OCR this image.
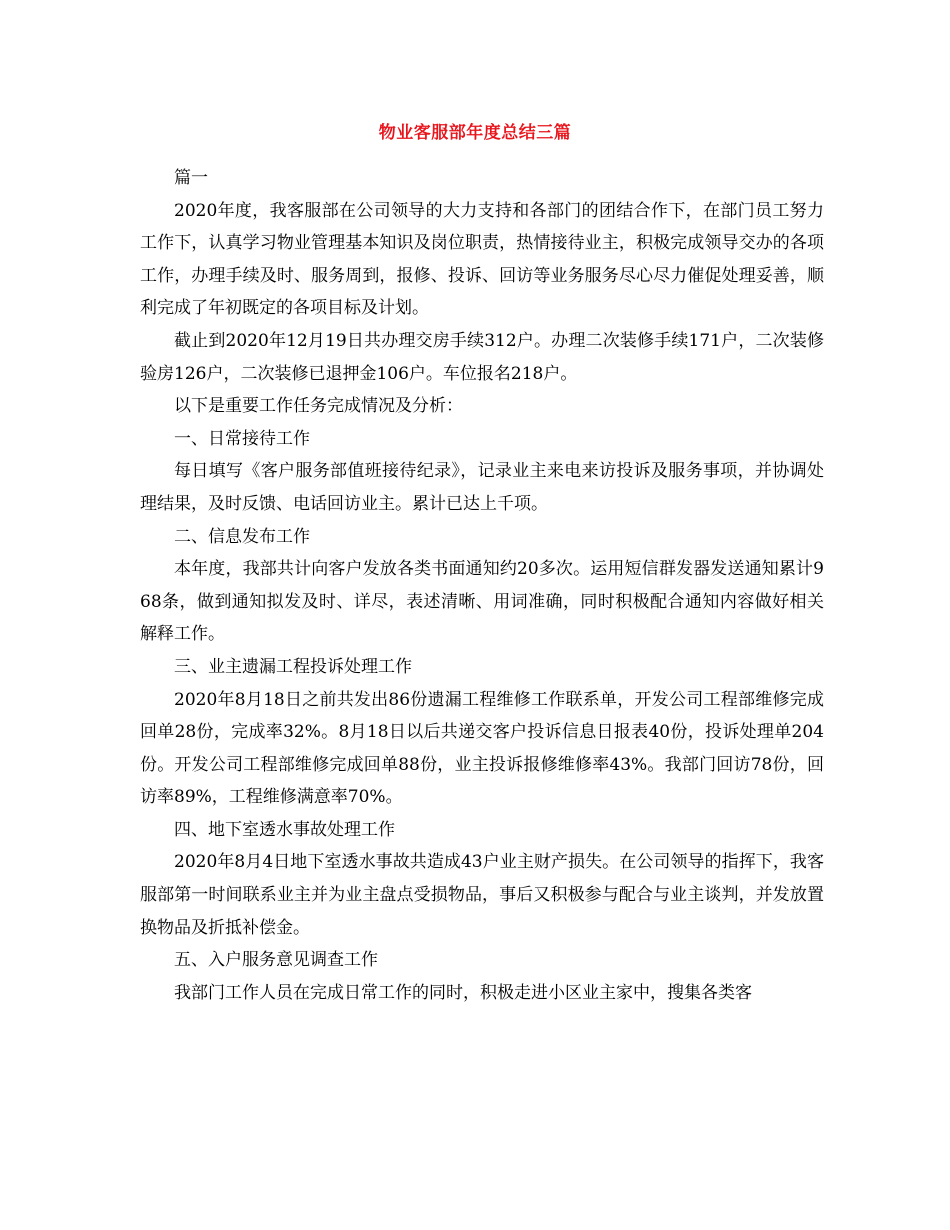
物业客服部年度总结三篇

篇一

2020年度，我客服部在公司领导的大力支持和各部门的团结合作下，在部门员工努力工作下，认真学习物业管理基本知识及岗位职责，热情接待业主，积极完成领导交办的各项工作，办理手续及时、服务周到，报修、投诉、回访等业务服务尽心尽力催促处理妥善，顺利完成了年初既定的各项目标及计划。

截止到2020年12月19日共办理交房手续312户。办理二次装修手续171户，二次装修验房126户，二次装修已退押金106户。车位报名218户。

以下是重要工作任务完成情况及分析：

一、日常接待工作

每日填写《客户服务部值班接待纪录》，记录业主来电来访投诉及服务事项，并协调处理结果，及时反馈、电话回访业主。累计已达上千项。

二、信息发布工作

本年度，我部共计向客户发放各类书面通知约20多次。运用短信群发器发送通知累计968条，做到通知拟发及时、详尽，表述清晰、用词准确，同时积极配合通知内容做好相关解释工作。

三、业主遗漏工程投诉处理工作

2020年8月18日之前共发出86份遗漏工程维修工作联系单，开发公司工程部维修完成回单28份，完成率32%。8月18日以后共递交客户投诉信息日报表40份，投诉处理单204份。开发公司工程部维修完成回单88份，业主投诉报修维修率43%。我部门回访78份，回访率89%，工程维修满意率70%。

四、地下室透水事故处理工作

2020年8月4日地下室透水事故共造成43户业主财产损失。在公司领导的指挥下，我客服部第一时间联系业主并为业主盘点受损物品，事后又积极参与配合与业主谈判，并发放置换物品及折抵补偿金。

五、入户服务意见调查工作

我部门工作人员在完成日常工作的同时，积极走进小区业主家中，搜集各类客
